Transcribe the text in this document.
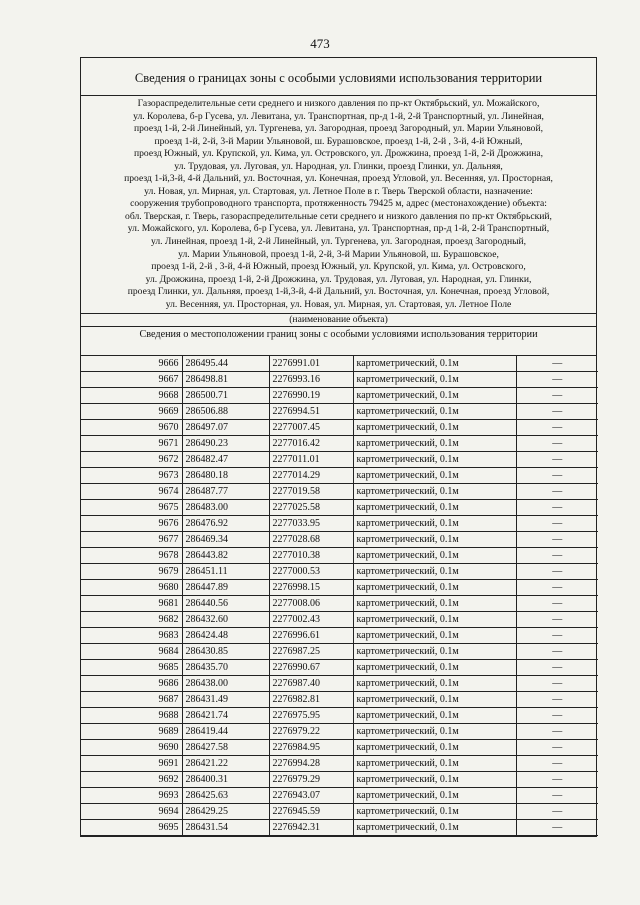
473
Сведения о границах зоны с особыми условиями использования территории
Газораспределительные сети среднего и низкого давления по пр-кт Октябрьский, ул. Можайского,
ул. Королева, б-р Гусева, ул. Левитана, ул. Транспортная, пр-д 1-й, 2-й Транспортный, ул. Линейная,
проезд 1-й, 2-й Линейный, ул. Тургенева, ул. Загородная, проезд Загородный, ул. Марии Ульяновой,
проезд 1-й, 2-й, 3-й Марии Ульяновой, ш. Бурашовское, проезд 1-й, 2-й , 3-й, 4-й Южный,
проезд Южный, ул. Крупской, ул. Кима, ул. Островского, ул. Дрожжина, проезд 1-й, 2-й Дрожжина,
ул. Трудовая, ул. Луговая, ул. Народная, ул. Глинки, проезд Глинки, ул. Дальняя,
проезд 1-й,3-й, 4-й Дальний, ул. Восточная, ул. Конечная, проезд Угловой, ул. Весенняя, ул. Просторная,
ул. Новая, ул. Мирная, ул. Стартовая, ул. Летное Поле в г. Тверь Тверской области, назначение:
сооружения трубопроводного транспорта, протяженность 79425 м, адрес (местонахождение) объекта:
обл. Тверская, г. Тверь, газораспределительные сети среднего и низкого давления по пр-кт Октябрьский,
ул. Можайского, ул. Королева, б-р Гусева, ул. Левитана, ул. Транспортная, пр-д 1-й, 2-й Транспортный,
ул. Линейная, проезд 1-й, 2-й Линейный, ул. Тургенева, ул. Загородная, проезд Загородный,
ул. Марии Ульяновой, проезд 1-й, 2-й, 3-й Марии Ульяновой, ш. Бурашовское,
проезд 1-й, 2-й , 3-й, 4-й Южный, проезд Южный, ул. Крупской, ул. Кима, ул. Островского,
ул. Дрожжина, проезд 1-й, 2-й Дрожжина, ул. Трудовая, ул. Луговая, ул. Народная, ул. Глинки,
проезд Глинки, ул. Дальняя, проезд 1-й,3-й, 4-й Дальний, ул. Восточная, ул. Конечная, проезд Угловой,
ул. Весенняя, ул. Просторная, ул. Новая, ул. Мирная, ул. Стартовая, ул. Летное Поле
(наименование объекта)
Сведения о местоположении границ зоны с особыми условиями использования территории
9666	286495.44	2276991.01	картометрический, 0.1м	—
9667	286498.81	2276993.16	картометрический, 0.1м	—
9668	286500.71	2276990.19	картометрический, 0.1м	—
9669	286506.88	2276994.51	картометрический, 0.1м	—
9670	286497.07	2277007.45	картометрический, 0.1м	—
9671	286490.23	2277016.42	картометрический, 0.1м	—
9672	286482.47	2277011.01	картометрический, 0.1м	—
9673	286480.18	2277014.29	картометрический, 0.1м	—
9674	286487.77	2277019.58	картометрический, 0.1м	—
9675	286483.00	2277025.58	картометрический, 0.1м	—
9676	286476.92	2277033.95	картометрический, 0.1м	—
9677	286469.34	2277028.68	картометрический, 0.1м	—
9678	286443.82	2277010.38	картометрический, 0.1м	—
9679	286451.11	2277000.53	картометрический, 0.1м	—
9680	286447.89	2276998.15	картометрический, 0.1м	—
9681	286440.56	2277008.06	картометрический, 0.1м	—
9682	286432.60	2277002.43	картометрический, 0.1м	—
9683	286424.48	2276996.61	картометрический, 0.1м	—
9684	286430.85	2276987.25	картометрический, 0.1м	—
9685	286435.70	2276990.67	картометрический, 0.1м	—
9686	286438.00	2276987.40	картометрический, 0.1м	—
9687	286431.49	2276982.81	картометрический, 0.1м	—
9688	286421.74	2276975.95	картометрический, 0.1м	—
9689	286419.44	2276979.22	картометрический, 0.1м	—
9690	286427.58	2276984.95	картометрический, 0.1м	—
9691	286421.22	2276994.28	картометрический, 0.1м	—
9692	286400.31	2276979.29	картометрический, 0.1м	—
9693	286425.63	2276943.07	картометрический, 0.1м	—
9694	286429.25	2276945.59	картометрический, 0.1м	—
9695	286431.54	2276942.31	картометрический, 0.1м	—
